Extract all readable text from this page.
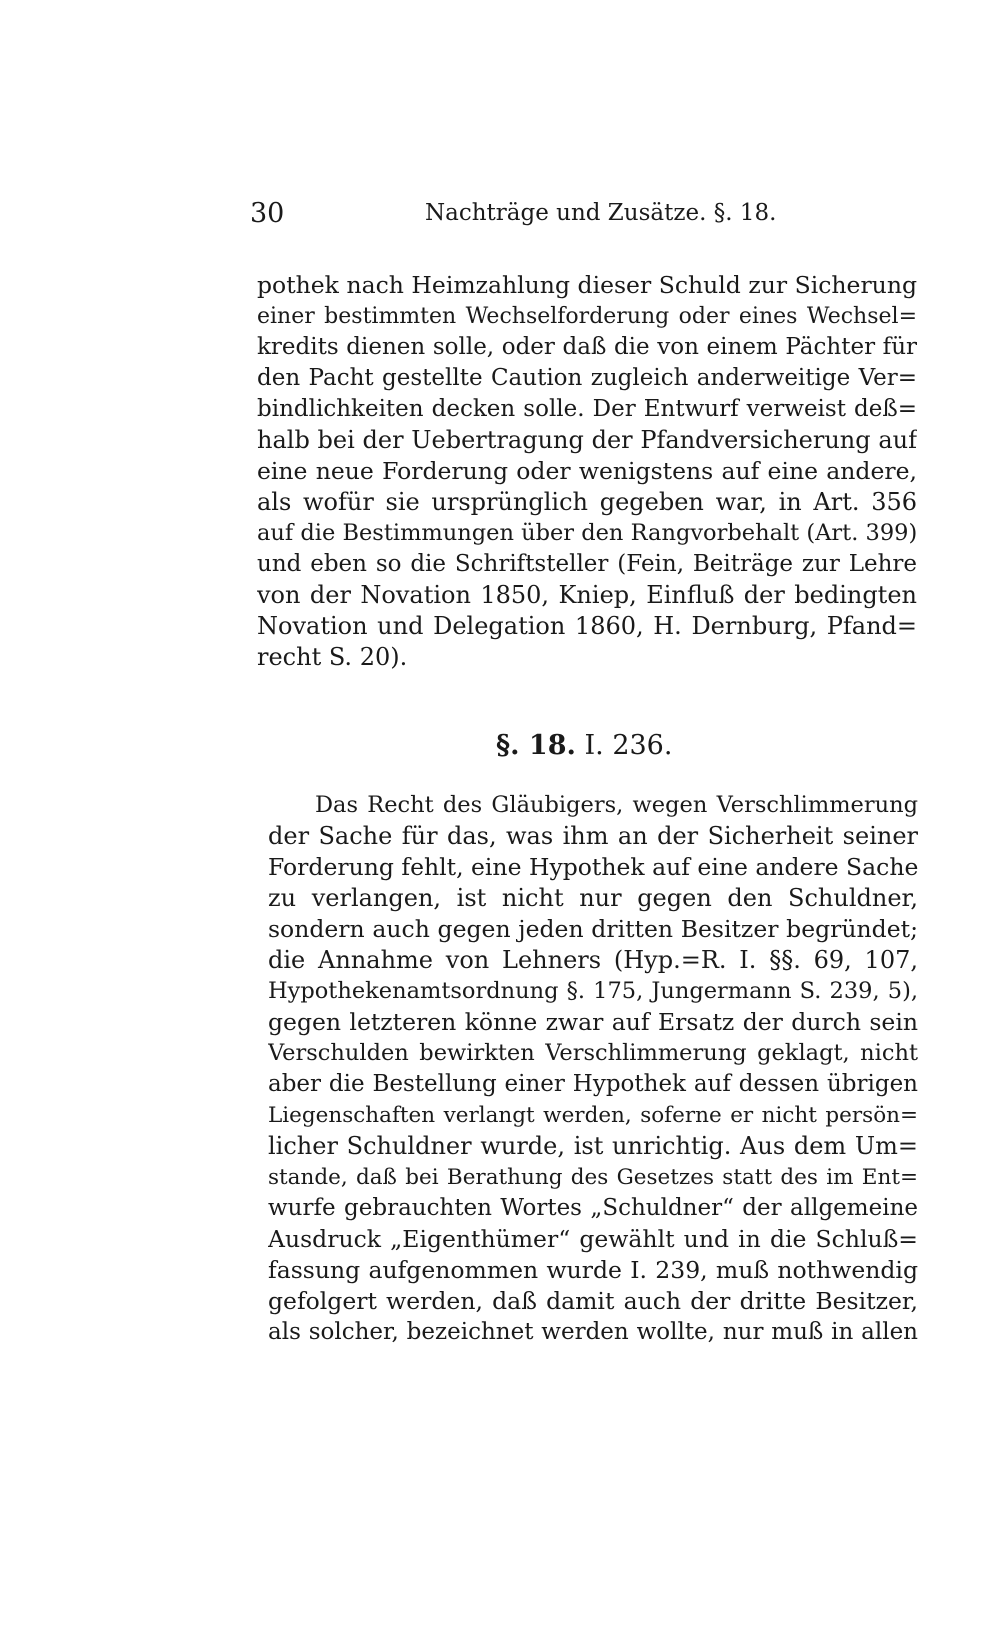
30	Nachträge und Zusätze. §. 18.
pothek nach Heimzahlung dieser Schuld zur Sicherung
einer bestimmten Wechselforderung oder eines Wechsel=
kredits dienen solle, oder daß die von einem Pächter für
den Pacht gestellte Caution zugleich anderweitige Ver=
bindlichkeiten decken solle. Der Entwurf verweist deß=
halb bei der Uebertragung der Pfandversicherung auf
eine neue Forderung oder wenigstens auf eine andere,
als wofür sie ursprünglich gegeben war, in Art. 356
auf die Bestimmungen über den Rangvorbehalt (Art. 399)
und eben so die Schriftsteller (Fein, Beiträge zur Lehre
von der Novation 1850, Kniep, Einfluß der bedingten
Novation und Delegation 1860, H. Dernburg, Pfand=
recht S. 20).
§. 18. I. 236.
Das Recht des Gläubigers, wegen Verschlimmerung
der Sache für das, was ihm an der Sicherheit seiner
Forderung fehlt, eine Hypothek auf eine andere Sache
zu verlangen, ist nicht nur gegen den Schuldner,
sondern auch gegen jeden dritten Besitzer begründet;
die Annahme von Lehners (Hyp.=R. I. §§. 69, 107,
Hypothekenamtsordnung §. 175, Jungermann S. 239, 5),
gegen letzteren könne zwar auf Ersatz der durch sein
Verschulden bewirkten Verschlimmerung geklagt, nicht
aber die Bestellung einer Hypothek auf dessen übrigen
Liegenschaften verlangt werden, soferne er nicht persön=
licher Schuldner wurde, ist unrichtig. Aus dem Um=
stande, daß bei Berathung des Gesetzes statt des im Ent=
wurfe gebrauchten Wortes „Schuldner“ der allgemeine
Ausdruck „Eigenthümer“ gewählt und in die Schluß=
fassung aufgenommen wurde I. 239, muß nothwendig
gefolgert werden, daß damit auch der dritte Besitzer,
als solcher, bezeichnet werden wollte, nur muß in allen
